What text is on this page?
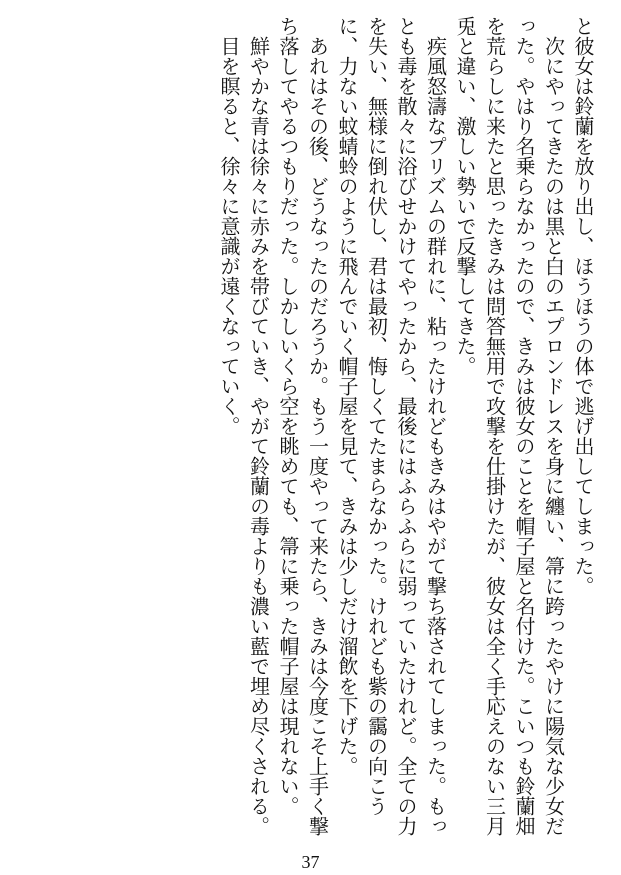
と彼女は鈴蘭を放り出し、ほうほうの体で逃げ出してしまった。

次にやってきたのは黒と白のエプロンドレスを身に纏い、箒に跨ったやけに陽気な少女だった。やはり名乗らなかったので、きみは彼女のことを帽子屋と名付けた。こいつも鈴蘭畑を荒らしに来たと思ったきみは問答無用で攻撃を仕掛けたが、彼女は全く手応えのない三月兎と違い、激しい勢いで反撃してきた。

疾風怒濤なプリズムの群れに、粘ったけれどもきみはやがて撃ち落されてしまった。もっとも毒を散々に浴びせかけてやったから、最後にはふらふらに弱っていたけれど。全ての力を失い、無様に倒れ伏し、君は最初、悔しくてたまらなかった。けれども紫の靄の向こうに、力ない蚊蜻蛉のように飛んでいく帽子屋を見て、きみは少しだけ溜飲を下げた。

あれはその後、どうなったのだろうか。もう一度やって来たら、きみは今度こそ上手く撃ち落してやるつもりだった。しかしいくら空を眺めても、箒に乗った帽子屋は現れない。

鮮やかな青は徐々に赤みを帯びていき、やがて鈴蘭の毒よりも濃い藍で埋め尽くされる。

目を瞑ると、徐々に意識が遠くなっていく。

37
